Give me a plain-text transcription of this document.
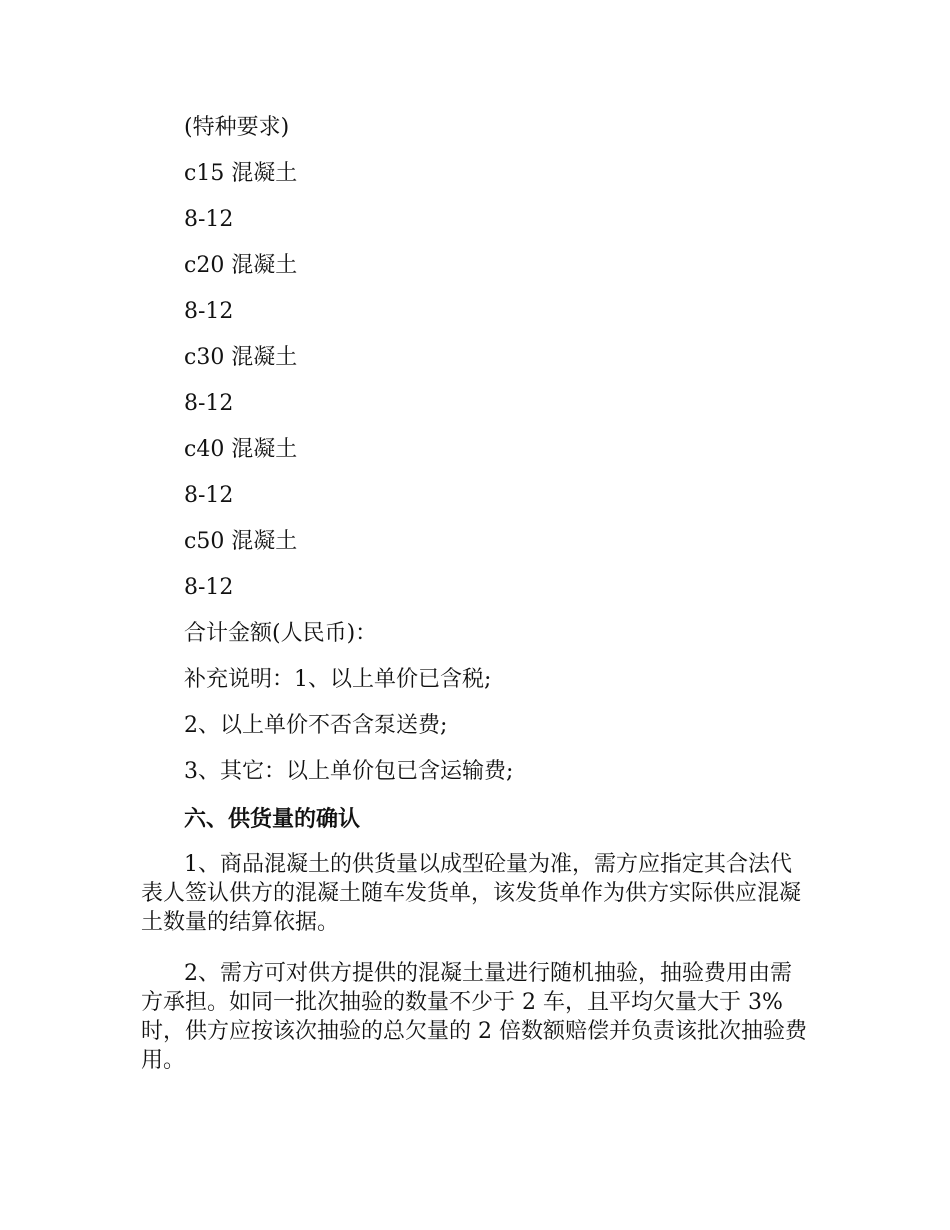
(特种要求)
c15 混凝土
8-12
c20 混凝土
8-12
c30 混凝土
8-12
c40 混凝土
8-12
c50 混凝土
8-12
合计金额(人民币)：
补充说明：1、以上单价已含税;
2、以上单价不否含泵送费;
3、其它：以上单价包已含运输费;
六、供货量的确认

1、商品混凝土的供货量以成型砼量为准，需方应指定其合法代表人签认供方的混凝土随车发货单，该发货单作为供方实际供应混凝土数量的结算依据。

2、需方可对供方提供的混凝土量进行随机抽验，抽验费用由需方承担。如同一批次抽验的数量不少于 2 车，且平均欠量大于 3%时，供方应按该次抽验的总欠量的 2 倍数额赔偿并负责该批次抽验费用。
